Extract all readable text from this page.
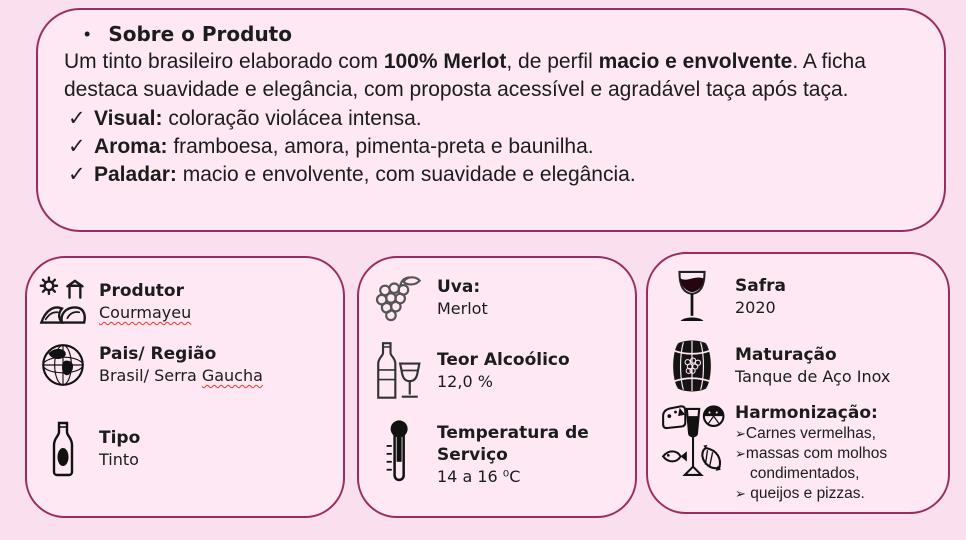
• Sobre o Produto

Um tinto brasileiro elaborado com 100% Merlot, de perfil macio e envolvente. A ficha destaca suavidade e elegância, com proposta acessível e agradável taça após taça.

✓ Visual: coloração violácea intensa.
✓ Aroma: framboesa, amora, pimenta-preta e baunilha.
✓ Paladar: macio e envolvente, com suavidade e elegância.
Produtor
Courmayeu
Pais/ Região
Brasil/ Serra Gaucha
Tipo
Tinto
Uva:
Merlot
Teor Alcoólico
12,0 %
Temperatura de Serviço
14 a 16 ⁰C
Safra
2020
Maturação
Tanque de Aço Inox
Harmonização:
➢Carnes vermelhas,
➢massas com molhos condimentados,
➢ queijos e pizzas.
